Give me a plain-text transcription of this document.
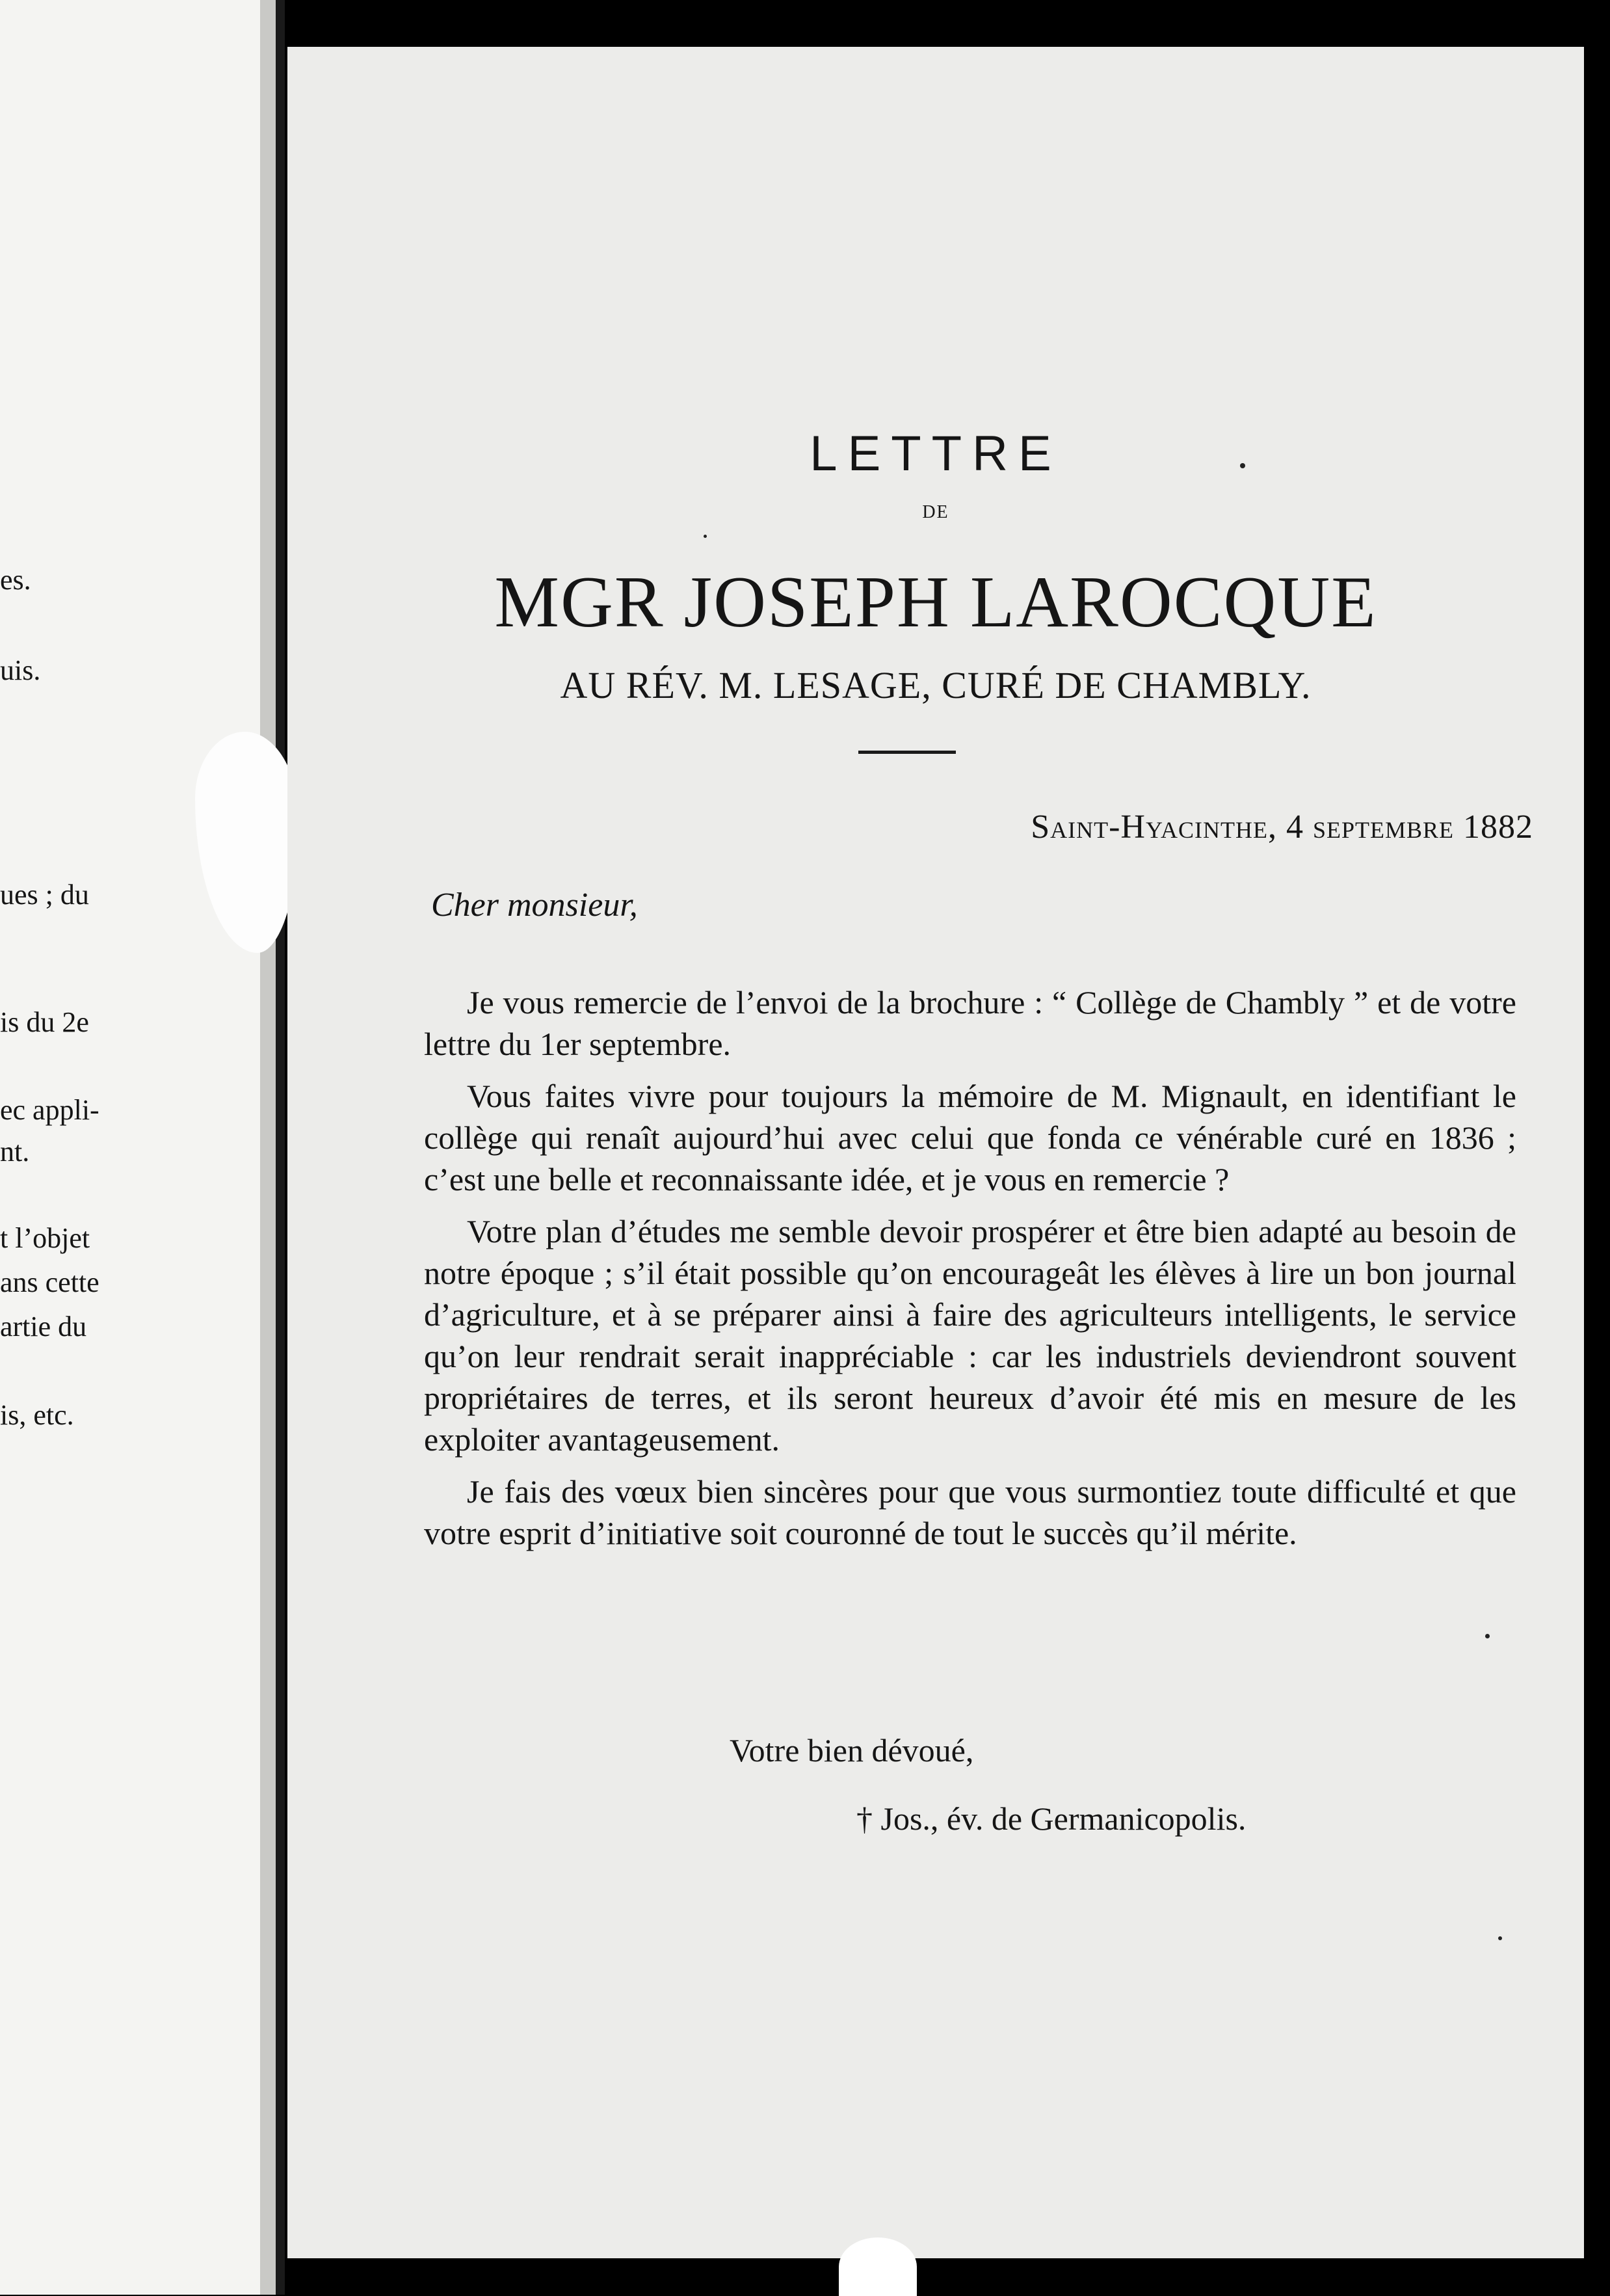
es.
uis.
ues ; du
is du 2e
ec appli-
nt.
t l’objet
ans cette
artie du
is, etc.
LETTRE
DE
MGR JOSEPH LAROCQUE
AU RÉV. M. LESAGE, CURÉ DE CHAMBLY.
Saint-Hyacinthe, 4 septembre 1882
Cher monsieur,

Je vous remercie de l’envoi de la brochure : “ Collège de Chambly ” et de votre lettre du 1er septembre.

Vous faites vivre pour toujours la mémoire de M. Mignault, en identifiant le collège qui renaît aujourd’hui avec celui que fonda ce vénérable curé en 1836 ; c’est une belle et reconnaissante idée, et je vous en remercie ?

Votre plan d’études me semble devoir prospérer et être bien adapté au besoin de notre époque ; s’il était possible qu’on encourageât les élèves à lire un bon journal d’agriculture, et à se préparer ainsi à faire des agriculteurs intelligents, le service qu’on leur rendrait serait inappréciable : car les industriels deviendront souvent propriétaires de terres, et ils seront heureux d’avoir été mis en mesure de les exploiter avantageusement.

Je fais des vœux bien sincères pour que vous surmontiez toute difficulté et que votre esprit d’initiative soit couronné de tout le succès qu’il mérite.

Votre bien dévoué,
† Jos., év. de Germanicopolis.
